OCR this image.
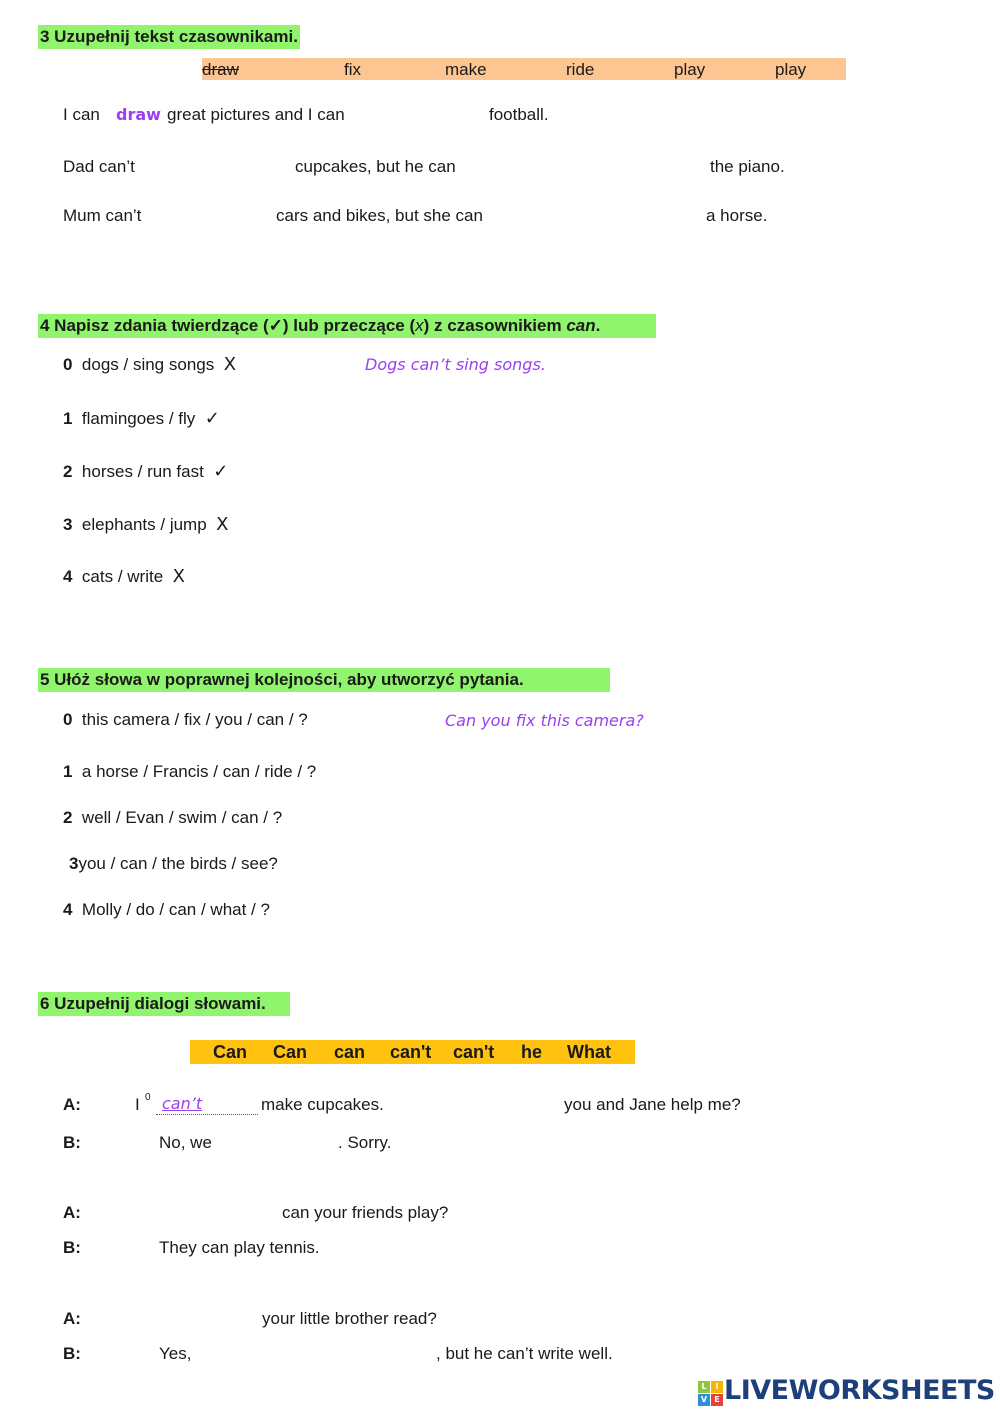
3 Uzupełnij tekst czasownikami.
draw	fix	make	ride	play	play
I can draw great pictures and I can	football.
Dad can’t	cupcakes, but he can	the piano.
Mum can’t	cars and bikes, but she can	a horse.
4 Napisz zdania twierdzące (✓) lub przeczące (x) z czasownikiem can.
0 dogs / sing songs X	Dogs can’t sing songs.
1 flamingoes / fly ✓
2 horses / run fast ✓
3 elephants / jump X
4 cats / write X
5 Ułóż słowa w poprawnej kolejności, aby utworzyć pytania.
0 this camera / fix / you / can / ?	Can you fix this camera?
1 a horse / Francis / can / ride / ?
2 well / Evan / swim / can / ?
3you / can / the birds / see?
4 Molly / do / can / what / ?
6 Uzupełnij dialogi słowami.
Can Can can can't can't he What
A:	I 0 can’t	make cupcakes.	you and Jane help me?
B:	No, we	. Sorry.
A:	can your friends play?
B:	They can play tennis.
A:	your little brother read?
B:	Yes,	, but he can’t write well.
L	I
V E LIVEWORKSHEETS
